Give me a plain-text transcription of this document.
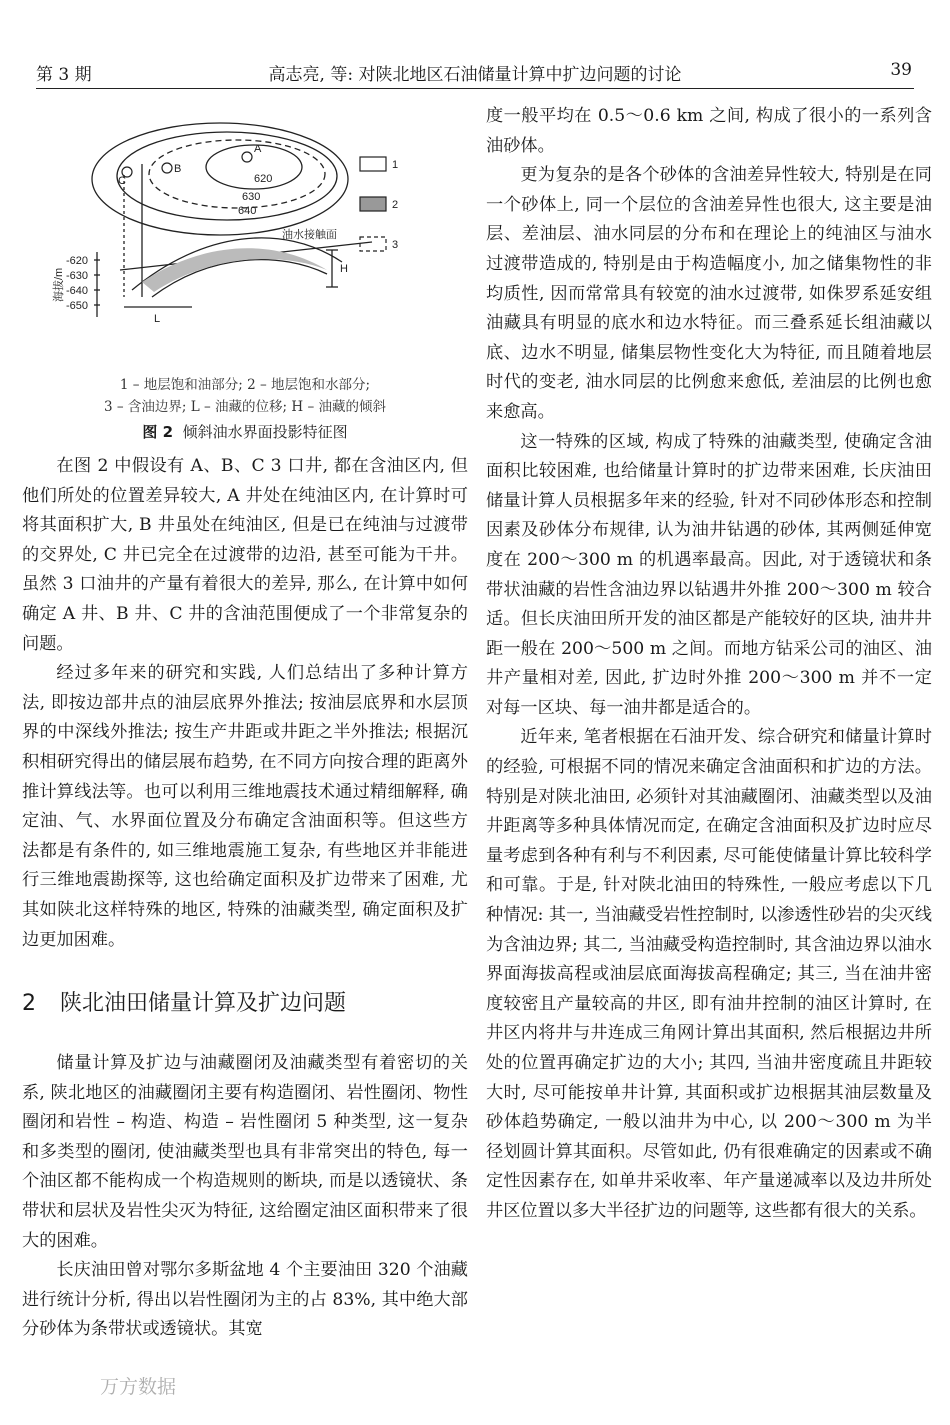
第 3 期	高志亮, 等: 对陕北地区石油储量计算中扩边问题的讨论	39
A
B
C	620
630
640
海拔/m
-620
-630
-640
-650
油水接触面
H
L
1
2
3
1 – 地层饱和油部分; 2 – 地层饱和水部分;
3 – 含油边界; L – 油藏的位移; H – 油藏的倾斜
图 2 倾斜油水界面投影特征图

在图 2 中假设有 A、B、C 3 口井, 都在含油区内, 但他们所处的位置差异较大, A 井处在纯油区内, 在计算时可将其面积扩大, B 井虽处在纯油区, 但是已在纯油与过渡带的交界处, C 井已完全在过渡带的边沿, 甚至可能为干井。虽然 3 口油井的产量有着很大的差异, 那么, 在计算中如何确定 A 井、B 井、C 井的含油范围便成了一个非常复杂的问题。

经过多年来的研究和实践, 人们总结出了多种计算方法, 即按边部井点的油层底界外推法; 按油层底界和水层顶界的中深线外推法; 按生产井距或井距之半外推法; 根据沉积相研究得出的储层展布趋势, 在不同方向按合理的距离外推计算线法等。也可以利用三维地震技术通过精细解释, 确定油、气、水界面位置及分布确定含油面积等。但这些方法都是有条件的, 如三维地震施工复杂, 有些地区并非能进行三维地震勘探等, 这也给确定面积及扩边带来了困难, 尤其如陕北这样特殊的地区, 特殊的油藏类型, 确定面积及扩边更加困难。

2 陕北油田储量计算及扩边问题

储量计算及扩边与油藏圈闭及油藏类型有着密切的关系, 陕北地区的油藏圈闭主要有构造圈闭、岩性圈闭、物性圈闭和岩性 – 构造、构造 – 岩性圈闭 5 种类型, 这一复杂和多类型的圈闭, 使油藏类型也具有非常突出的特色, 每一个油区都不能构成一个构造规则的断块, 而是以透镜状、条带状和层状及岩性尖灭为特征, 这给圈定油区面积带来了很大的困难。

长庆油田曾对鄂尔多斯盆地 4 个主要油田 320 个油藏进行统计分析, 得出以岩性圈闭为主的占 83%, 其中绝大部分砂体为条带状或透镜状。其宽

度一般平均在 0.5～0.6 km 之间, 构成了很小的一系列含油砂体。

更为复杂的是各个砂体的含油差异性较大, 特别是在同一个砂体上, 同一个层位的含油差异性也很大, 这主要是油层、差油层、油水同层的分布和在理论上的纯油区与油水过渡带造成的, 特别是由于构造幅度小, 加之储集物性的非均质性, 因而常常具有较宽的油水过渡带, 如侏罗系延安组油藏具有明显的底水和边水特征。而三叠系延长组油藏以底、边水不明显, 储集层物性变化大为特征, 而且随着地层时代的变老, 油水同层的比例愈来愈低, 差油层的比例也愈来愈高。

这一特殊的区域, 构成了特殊的油藏类型, 使确定含油面积比较困难, 也给储量计算时的扩边带来困难, 长庆油田储量计算人员根据多年来的经验, 针对不同砂体形态和控制因素及砂体分布规律, 认为油井钻遇的砂体, 其两侧延伸宽度在 200～300 m 的机遇率最高。因此, 对于透镜状和条带状油藏的岩性含油边界以钻遇井外推 200～300 m 较合适。但长庆油田所开发的油区都是产能较好的区块, 油井井距一般在 200～500 m 之间。而地方钻采公司的油区、油井产量相对差, 因此, 扩边时外推 200～300 m 并不一定对每一区块、每一油井都是适合的。

近年来, 笔者根据在石油开发、综合研究和储量计算时的经验, 可根据不同的情况来确定含油面积和扩边的方法。特别是对陕北油田, 必须针对其油藏圈闭、油藏类型以及油井距离等多种具体情况而定, 在确定含油面积及扩边时应尽量考虑到各种有利与不利因素, 尽可能使储量计算比较科学和可靠。于是, 针对陕北油田的特殊性, 一般应考虑以下几种情况: 其一, 当油藏受岩性控制时, 以渗透性砂岩的尖灭线为含油边界; 其二, 当油藏受构造控制时, 其含油边界以油水界面海拔高程或油层底面海拔高程确定; 其三, 当在油井密度较密且产量较高的井区, 即有油井控制的油区计算时, 在井区内将井与井连成三角网计算出其面积, 然后根据边井所处的位置再确定扩边的大小; 其四, 当油井密度疏且井距较大时, 尽可能按单井计算, 其面积或扩边根据其油层数量及砂体趋势确定, 一般以油井为中心, 以 200～300 m 为半径划圆计算其面积。尽管如此, 仍有很难确定的因素或不确定性因素存在, 如单井采收率、年产量递减率以及边井所处井区位置以多大半径扩边的问题等, 这些都有很大的关系。

万方数据
